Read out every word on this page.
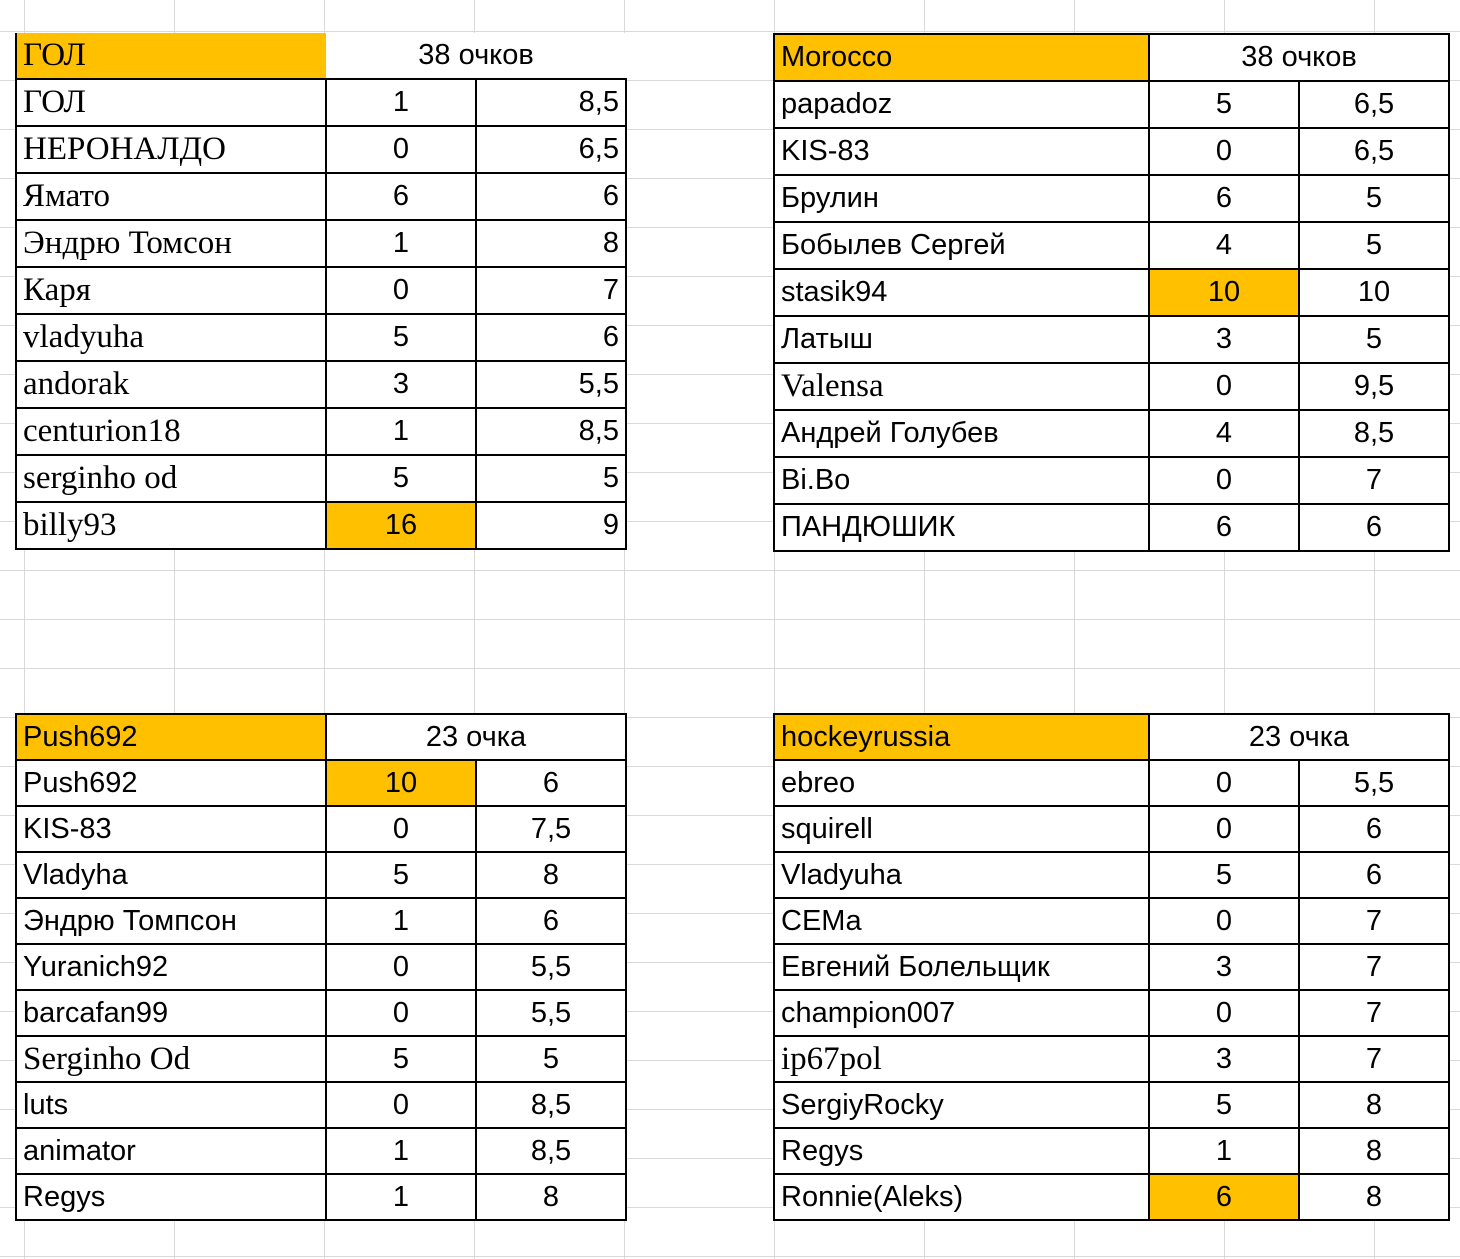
ГОЛ	38 очков	
ГОЛ	1	8,5
НЕРОНАЛДО	0	6,5
Ямато	6	6
Эндрю Томсон	1	8
Каря	0	7
vladyuha	5	6
andorak	3	5,5
centurion18	1	8,5
serginho od	5	5
billy93	16	9
Morocco	38 очков	
papadoz	5	6,5
KIS-83	0	6,5
Брулин	6	5
Бобылев Сергей	4	5
stasik94	10	10
Латыш	3	5
Valensa	0	9,5
Андрей Голубев	4	8,5
Bi.Bo	0	7
ПАНДЮШИК	6	6
Push692	23 очка	
Push692	10	6
KIS-83	0	7,5
Vladyha	5	8
Эндрю Томпсон	1	6
Yuranich92	0	5,5
barcafan99	0	5,5
Serginho Od	5	5
luts	0	8,5
animator	1	8,5
Regys	1	8
hockeyrussia	23 очка	
ebreo	0	5,5
squirell	0	6
Vladyuha	5	6
CEMa	0	7
Евгений Болельщик	3	7
champion007	0	7
ip67pol	3	7
SergiyRocky	5	8
Regys	1	8
Ronnie(Aleks)	6	8
